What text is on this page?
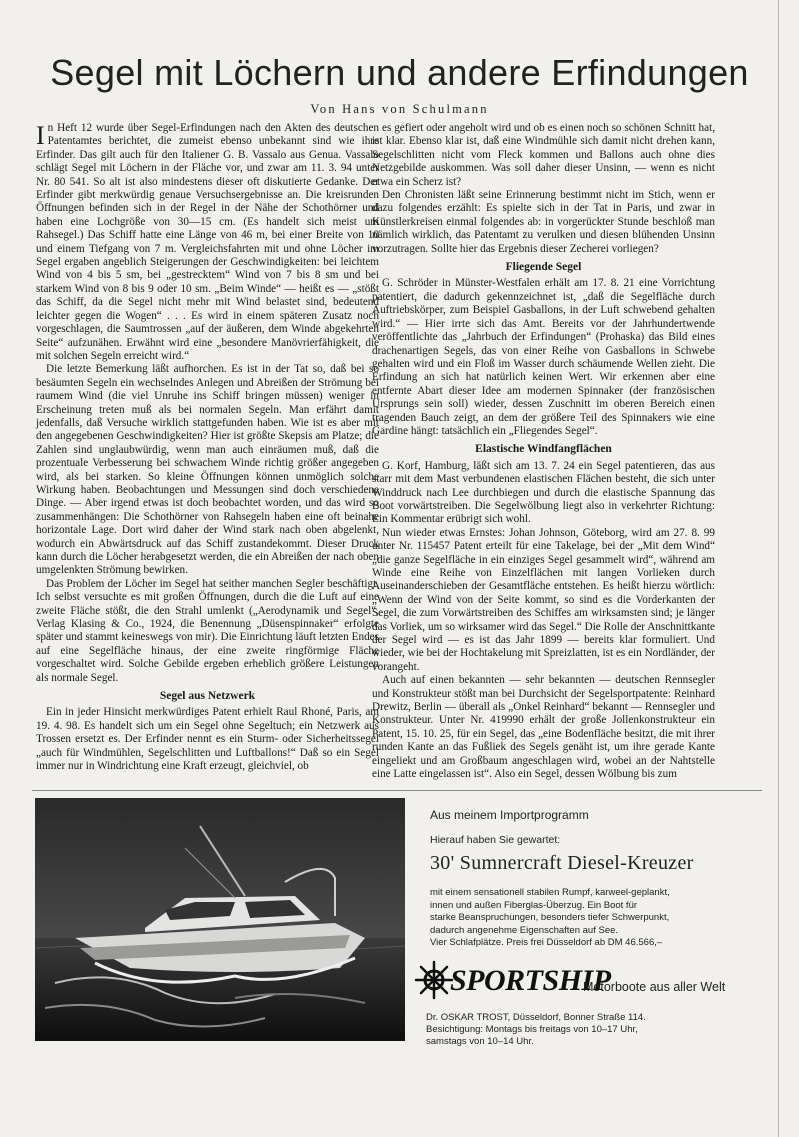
Segel mit Löchern und andere Erfindungen
Von Hans von Schulmann

In Heft 12 wurde über Segel-Erfindungen nach den Akten des deutschen Patentamtes berichtet, die zumeist ebenso unbekannt sind wie ihre Erfinder. Das gilt auch für den Italiener G. B. Vassalo aus Genua. Vassalo schlägt Segel mit Löchern in der Fläche vor, und zwar am 11. 3. 94 unter Nr. 80 541. So alt ist also mindestens dieser oft diskutierte Gedanke. Der Erfinder gibt merkwürdig genaue Versuchsergebnisse an. Die kreisrunden Öffnungen befinden sich in der Regel in der Nähe der Schothörner und haben eine Lochgröße von 30—15 cm. (Es handelt sich meist um Rahsegel.) Das Schiff hatte eine Länge von 46 m, bei einer Breite von 10 und einem Tiefgang von 7 m. Vergleichsfahrten mit und ohne Löcher im Segel ergaben angeblich Steigerungen der Geschwindigkeiten: bei leichtem Wind von 4 bis 5 sm, bei „gestrecktem“ Wind von 7 bis 8 sm und bei starkem Wind von 8 bis 9 oder 10 sm. „Beim Winde“ — heißt es — „stößt das Schiff, da die Segel nicht mehr mit Wind belastet sind, bedeutend leichter gegen die Wogen“ . . . Es wird in einem späteren Zusatz noch vorgeschlagen, die Saumtrossen „auf der äußeren, dem Winde abgekehrten Seite“ aufzunähen. Erwähnt wird eine „besondere Manövrierfähigkeit, die mit solchen Segeln erreicht wird.“

Die letzte Bemerkung läßt aufhorchen. Es ist in der Tat so, daß bei so besäumten Segeln ein wechselndes Anlegen und Abreißen der Strömung bei raumem Wind (die viel Unruhe ins Schiff bringen müssen) weniger in Erscheinung treten muß als bei normalen Segeln. Man erfährt damit jedenfalls, daß Versuche wirklich stattgefunden haben. Wie ist es aber mit den angegebenen Geschwindigkeiten? Hier ist größte Skepsis am Platze; die Zahlen sind unglaubwürdig, wenn man auch einräumen muß, daß die prozentuale Verbesserung bei schwachem Winde richtig größer angegeben wird, als bei starken. So kleine Öffnungen können unmöglich solche Wirkung haben. Beobachtungen und Messungen sind doch verschiedene Dinge. — Aber irgend etwas ist doch beobachtet worden, und das wird so zusammenhängen: Die Schothörner von Rahsegeln haben eine oft beinahe horizontale Lage. Dort wird daher der Wind stark nach oben abgelenkt, wodurch ein Abwärtsdruck auf das Schiff zustandekommt. Dieser Druck kann durch die Löcher herabgesetzt werden, die ein Abreißen der nach oben umgelenkten Strömung bewirken.

Das Problem der Löcher im Segel hat seither manchen Segler beschäftigt. Ich selbst versuchte es mit großen Öffnungen, durch die die Luft auf eine zweite Fläche stößt, die den Strahl umlenkt („Aerodynamik und Segel“, Verlag Klasing & Co., 1924, die Benennung „Düsenspinnaker“ erfolgte später und stammt keineswegs von mir). Die Einrichtung läuft letzten Endes auf eine Segelfläche hinaus, der eine zweite ringförmige Fläche vorgeschaltet wird. Solche Gebilde ergeben erheblich größere Leistungen als normale Segel.

Segel aus Netzwerk

Ein in jeder Hinsicht merkwürdiges Patent erhielt Raul Rhoné, Paris, am 19. 4. 98. Es handelt sich um ein Segel ohne Segeltuch; ein Netzwerk aus Trossen ersetzt es. Der Erfinder nennt es ein Sturm- oder Sicherheitssegel „auch für Windmühlen, Segelschlitten und Luftballons!“ Daß so ein Segel immer nur in Windrichtung eine Kraft erzeugt, gleichviel, ob

es gefiert oder angeholt wird und ob es einen noch so schönen Schnitt hat, ist klar. Ebenso klar ist, daß eine Windmühle sich damit nicht drehen kann, Segelschlitten nicht vom Fleck kommen und Ballons auch ohne dies Netzgebilde auskommen. Was soll daher dieser Unsinn, — wenn es nicht etwa ein Scherz ist?

Den Chronisten läßt seine Erinnerung bestimmt nicht im Stich, wenn er dazu folgendes erzählt: Es spielte sich in der Tat in Paris, und zwar in Künstlerkreisen einmal folgendes ab: in vorgerückter Stunde beschloß man nämlich wirklich, das Patentamt zu verulken und diesen blühenden Unsinn vorzutragen. Sollte hier das Ergebnis dieser Zecherei vorliegen?

Fliegende Segel

G. Schröder in Münster-Westfalen erhält am 17. 8. 21 eine Vorrichtung patentiert, die dadurch gekennzeichnet ist, „daß die Segelfläche durch Auftriebskörper, zum Beispiel Gasballons, in der Luft schwebend gehalten wird.“ — Hier irrte sich das Amt. Bereits vor der Jahrhundertwende veröffentlichte das „Jahrbuch der Erfindungen“ (Prohaska) das Bild eines drachenartigen Segels, das von einer Reihe von Gasballons in Schwebe gehalten wird und ein Floß im Wasser durch schäumende Wellen zieht. Die Erfindung an sich hat natürlich keinen Wert. Wir erkennen aber eine entfernte Abart dieser Idee am modernen Spinnaker (der französischen Ursprungs sein soll) wieder, dessen Zuschnitt im oberen Bereich einen tragenden Bauch zeigt, an dem der größere Teil des Spinnakers wie eine Gardine hängt: tatsächlich ein „Fliegendes Segel“.

Elastische Windfangflächen

G. Korf, Hamburg, läßt sich am 13. 7. 24 ein Segel patentieren, das aus starr mit dem Mast verbundenen elastischen Flächen besteht, die sich unter Winddruck nach Lee durchbiegen und durch die elastische Spannung das Boot vorwärtstreiben. Die Segelwölbung liegt also in verkehrter Richtung: Ein Kommentar erübrigt sich wohl.

Nun wieder etwas Ernstes: Johan Johnson, Göteborg, wird am 27. 8. 99 unter Nr. 115457 Patent erteilt für eine Takelage, bei der „Mit dem Wind“ „die ganze Segelfläche in ein einziges Segel gesammelt wird“, während am Winde eine Reihe von Einzelflächen mit langen Vorlieken durch Auseinanderschieben der Gesamtfläche entstehen. Es heißt hierzu wörtlich: „Wenn der Wind von der Seite kommt, so sind es die Vorderkanten der Segel, die zum Vorwärtstreiben des Schiffes am wirksamsten sind; je länger das Vorliek, um so wirksamer wird das Segel.“ Die Rolle der Anschnittkante der Segel wird — es ist das Jahr 1899 — bereits klar formuliert. Und wieder, wie bei der Hochtakelung mit Spreizlatten, ist es ein Nordländer, der vorangeht.

Auch auf einen bekannten — sehr bekannten — deutschen Rennsegler und Konstrukteur stößt man bei Durchsicht der Segelsportpatente: Reinhard Drewitz, Berlin — überall als „Onkel Reinhard“ bekannt — Rennsegler und Konstrukteur. Unter Nr. 419990 erhält der große Jollenkonstrukteur ein Patent, 15. 10. 25, für ein Segel, das „eine Bodenfläche besitzt, die mit ihrer runden Kante an das Fußliek des Segels genäht ist, um ihre gerade Kante eingeliekt und am Großbaum angeschlagen wird, wobei an der Nahtstelle eine Latte eingelassen ist“. Also ein Segel, dessen Wölbung bis zum

Aus meinem Importprogramm

Hierauf haben Sie gewartet:

30' Sumnercraft Diesel-Kreuzer

mit einem sensationell stabilen Rumpf, karweel-geplankt,
innen und außen Fiberglas-Überzug. Ein Boot für
starke Beanspruchungen, besonders tiefer Schwerpunkt,
dadurch angenehme Eigenschaften auf See.
Vier Schlafplätze. Preis frei Düsseldorf ab DM 46.566,–

SPORTSHIP
Motorboote aus aller Welt

Dr. OSKAR TROST, Düsseldorf, Bonner Straße 114.

Besichtigung: Montags bis freitags von 10–17 Uhr,

samstags von 10–14 Uhr.
